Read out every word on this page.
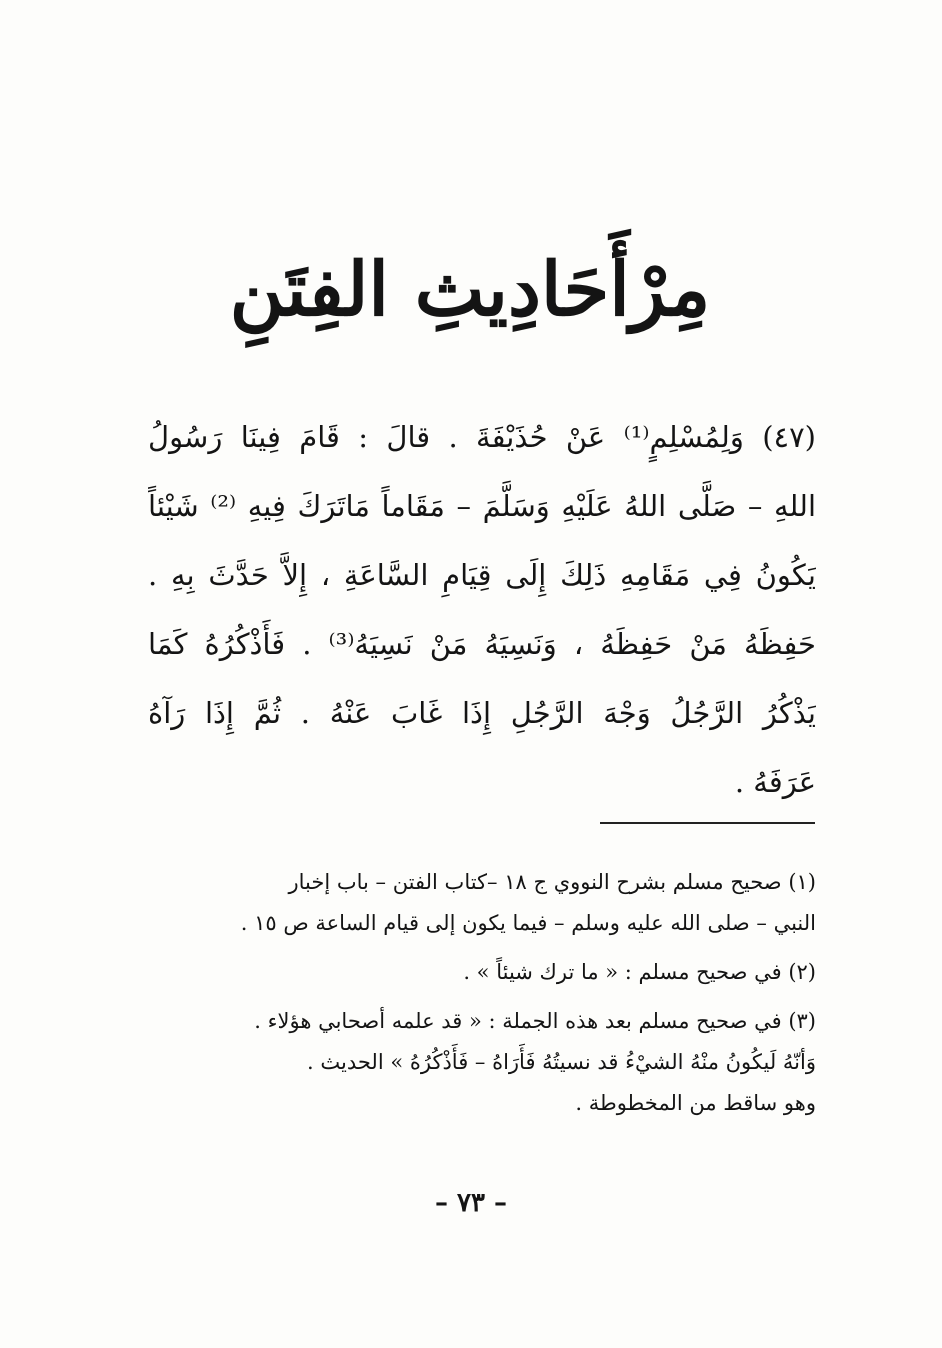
مِرْأَحَادِيثِ الفِتَنِ
(٤٧) وَلِمُسْلِمٍ⁽¹⁾ عَنْ حُذَيْفَةَ . قالَ : قَامَ فِينَا رَسُولُ
اللهِ – صَلَّى اللهُ عَلَيْهِ وَسَلَّمَ – مَقَاماً مَاتَرَكَ فِيهِ ⁽²⁾ شَيْئاً
يَكُونُ فِي مَقَامِهِ ذَلِكَ إِلَى قِيَامِ السَّاعَةِ ، إِلاَّ حَدَّثَ بِهِ .
حَفِظَهُ مَنْ حَفِظَهُ ، وَنَسِيَهُ مَنْ نَسِيَهُ⁽³⁾ . فَأَذْكُرُهُ كَمَا
يَذْكُرُ الرَّجُلُ وَجْهَ الرَّجُلِ إِذَا غَابَ عَنْهُ . ثُمَّ إِذَا رَآهُ
عَرَفَهُ .
(١) صحيح مسلم بشرح النووي ج ١٨ –كتاب الفتن – باب إخبار
النبي – صلى الله عليه وسلم – فيما يكون إلى قيام الساعة ص ١٥ .
(٢) في صحيح مسلم : « ما ترك شيئاً » .
(٣) في صحيح مسلم بعد هذه الجملة : « قد علمه أصحابي هؤلاء .
وَأنّهُ لَيكُونُ منْهُ الشيْءُ قد نسيتُهُ فَأَرَاهُ – فَأَذْكُرُهُ » الحديث .
وهو ساقط من المخطوطة .
– ٧٣ –
